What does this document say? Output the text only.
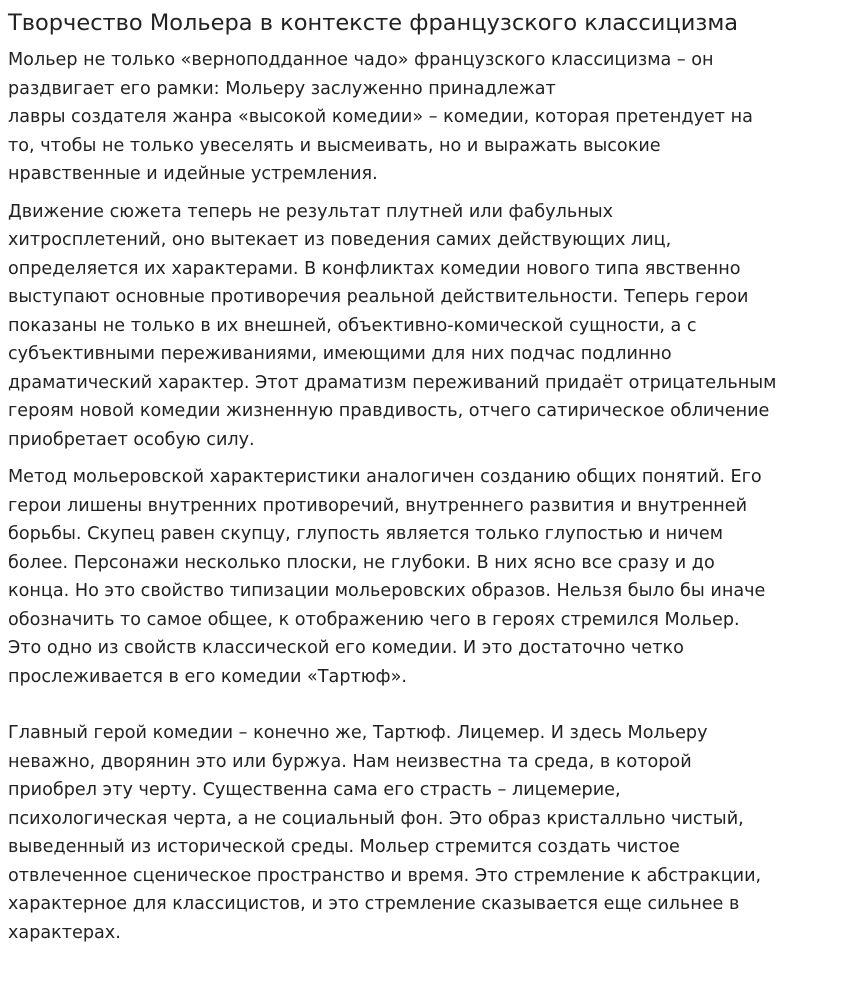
Творчество Мольера в контексте французского классицизма

Мольер не только «верноподданное чадо» французского классицизма – он
раздвигает его рамки: Мольеру заслуженно принадлежат
лавры создателя жанра «высокой комедии» – комедии, которая претендует на
то, чтобы не только увеселять и высмеивать, но и выражать высокие
нравственные и идейные устремления.

Движение сюжета теперь не результат плутней или фабульных
хитросплетений, оно вытекает из поведения самих действующих лиц,
определяется их характерами. В конфликтах комедии нового типа явственно
выступают основные противоречия реальной действительности. Теперь герои
показаны не только в их внешней, объективно-комической сущности, а с
субъективными переживаниями, имеющими для них подчас подлинно
драматический характер. Этот драматизм переживаний придаёт отрицательным
героям новой комедии жизненную правдивость, отчего сатирическое обличение
приобретает особую силу.

Метод мольеровской характеристики аналогичен созданию общих понятий. Его
герои лишены внутренних противоречий, внутреннего развития и внутренней
борьбы. Скупец равен скупцу, глупость является только глупостью и ничем
более. Персонажи несколько плоски, не глубоки. В них ясно все сразу и до
конца. Но это свойство типизации мольеровских образов. Нельзя было бы иначе
обозначить то самое общее, к отображению чего в героях стремился Мольер.
Это одно из свойств классической его комедии. И это достаточно четко
прослеживается в его комедии «Тартюф».

Главный герой комедии – конечно же, Тартюф. Лицемер. И здесь Мольеру
неважно, дворянин это или буржуа. Нам неизвестна та среда, в которой
приобрел эту черту. Существенна сама его страсть – лицемерие,
психологическая черта, а не социальный фон. Это образ кристалльно чистый,
выведенный из исторической среды. Мольер стремится создать чистое
отвлеченное сценическое пространство и время. Это стремление к абстракции,
характерное для классицистов, и это стремление сказывается еще сильнее в
характерах.
